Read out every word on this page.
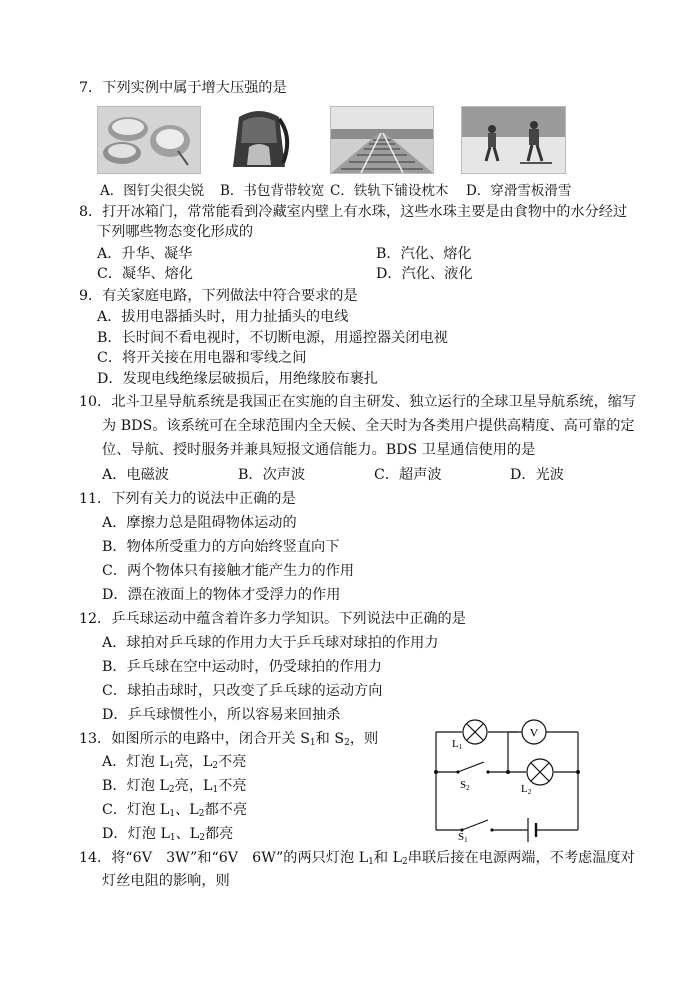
7．下列实例中属于增大压强的是
A．图钉尖很尖锐 B．书包背带较宽 C．铁轨下铺设枕木 D．穿滑雪板滑雪
8．打开冰箱门，常常能看到冷藏室内壁上有水珠，这些水珠主要是由食物中的水分经过
下列哪些物态变化形成的
A．升华、凝华	B．汽化、熔化
C．凝华、熔化	D．汽化、液化
9．有关家庭电路，下列做法中符合要求的是
A．拔用电器插头时，用力扯插头的电线
B．长时间不看电视时，不切断电源，用遥控器关闭电视
C．将开关接在用电器和零线之间
D．发现电线绝缘层破损后，用绝缘胶布裹扎
10．北斗卫星导航系统是我国正在实施的自主研发、独立运行的全球卫星导航系统，缩写
为 BDS。该系统可在全球范围内全天候、全天时为各类用户提供高精度、高可靠的定
位、导航、授时服务并兼具短报文通信能力。BDS 卫星通信使用的是
A．电磁波	B．次声波	C．超声波	D．光波
11．下列有关力的说法中正确的是
A．摩擦力总是阻碍物体运动的
B．物体所受重力的方向始终竖直向下
C．两个物体只有接触才能产生力的作用
D．漂在液面上的物体才受浮力的作用
12．乒乓球运动中蕴含着许多力学知识。下列说法中正确的是
A．球拍对乒乓球的作用力大于乒乓球对球拍的作用力
B．乒乓球在空中运动时，仍受球拍的作用力
C．球拍击球时，只改变了乒乓球的运动方向
D．乒乓球惯性小，所以容易来回抽杀
13．如图所示的电路中，闭合开关 $S_1$和 $S_2$，则
A．灯泡 $L_1$亮，$L_2$不亮
B．灯泡 $L_2$亮，$L_1$不亮
C．灯泡 $L_1$、$L_2$都不亮
D．灯泡 $L_1$、$L_2$都亮
V
L1
L2
S2
S1
14．将“6V　3W”和“6V　6W”的两只灯泡 $L_1$和 $L_2$串联后接在电源两端，不考虑温度对
灯丝电阻的影响，则
